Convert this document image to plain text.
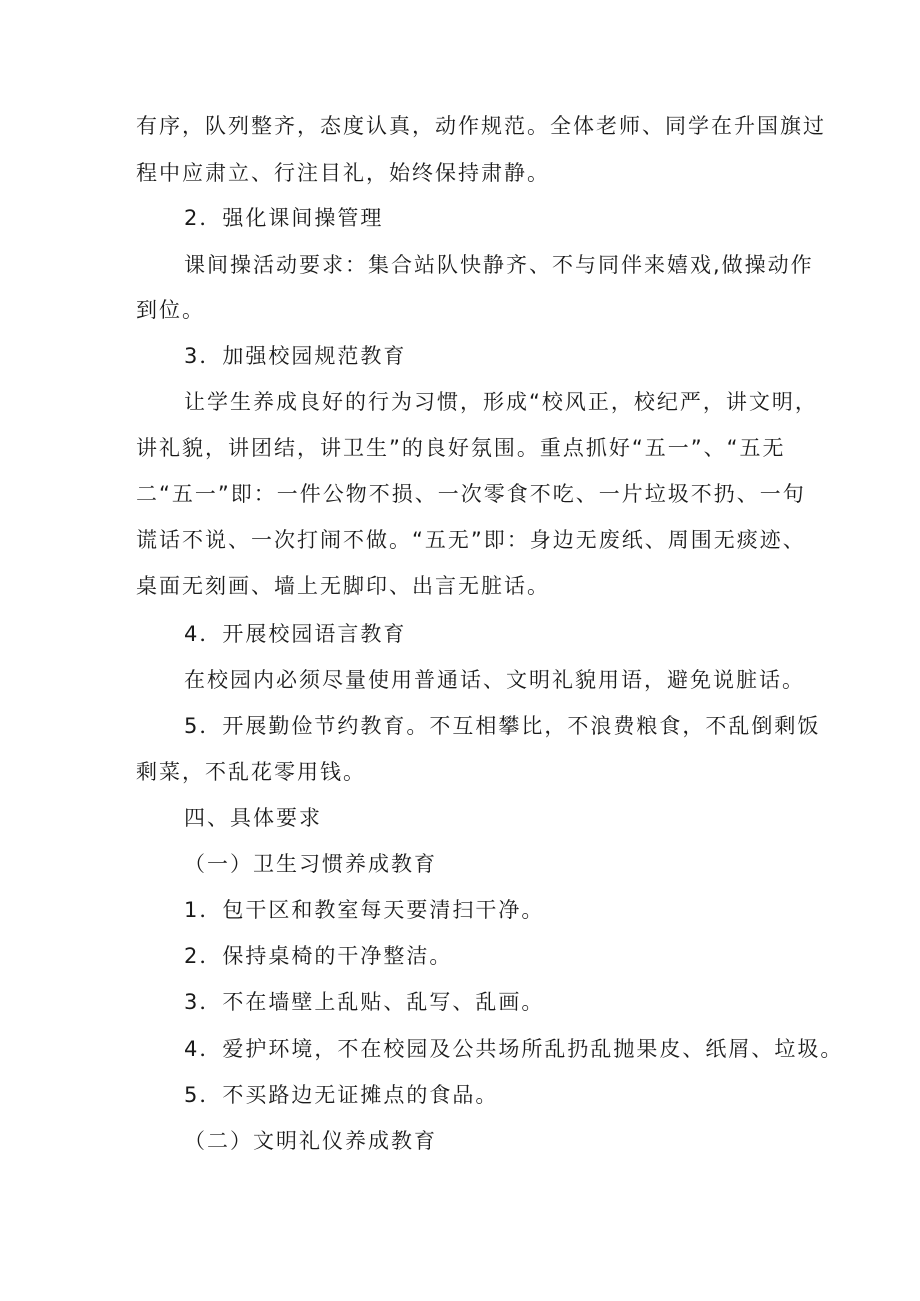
有序，队列整齐，态度认真，动作规范。全体老师、同学在升国旗过
程中应肃立、行注目礼，始终保持肃静。
2．强化课间操管理
课间操活动要求：集合站队快静齐、不与同伴来嬉戏,做操动作
到位。
3．加强校园规范教育
让学生养成良好的行为习惯，形成“校风正，校纪严，讲文明，
讲礼貌，讲团结，讲卫生”的良好氛围。重点抓好“五一”、“五无
二“五一”即：一件公物不损、一次零食不吃、一片垃圾不扔、一句
谎话不说、一次打闹不做。“五无”即：身边无废纸、周围无痰迹、
桌面无刻画、墙上无脚印、出言无脏话。
4．开展校园语言教育
在校园内必须尽量使用普通话、文明礼貌用语，避免说脏话。
5．开展勤俭节约教育。不互相攀比，不浪费粮食，不乱倒剩饭
剩菜，不乱花零用钱。
四、具体要求
（一）卫生习惯养成教育
1．包干区和教室每天要清扫干净。
2．保持桌椅的干净整洁。
3．不在墙壁上乱贴、乱写、乱画。
4．爱护环境，不在校园及公共场所乱扔乱抛果皮、纸屑、垃圾。
5．不买路边无证摊点的食品。
（二）文明礼仪养成教育
